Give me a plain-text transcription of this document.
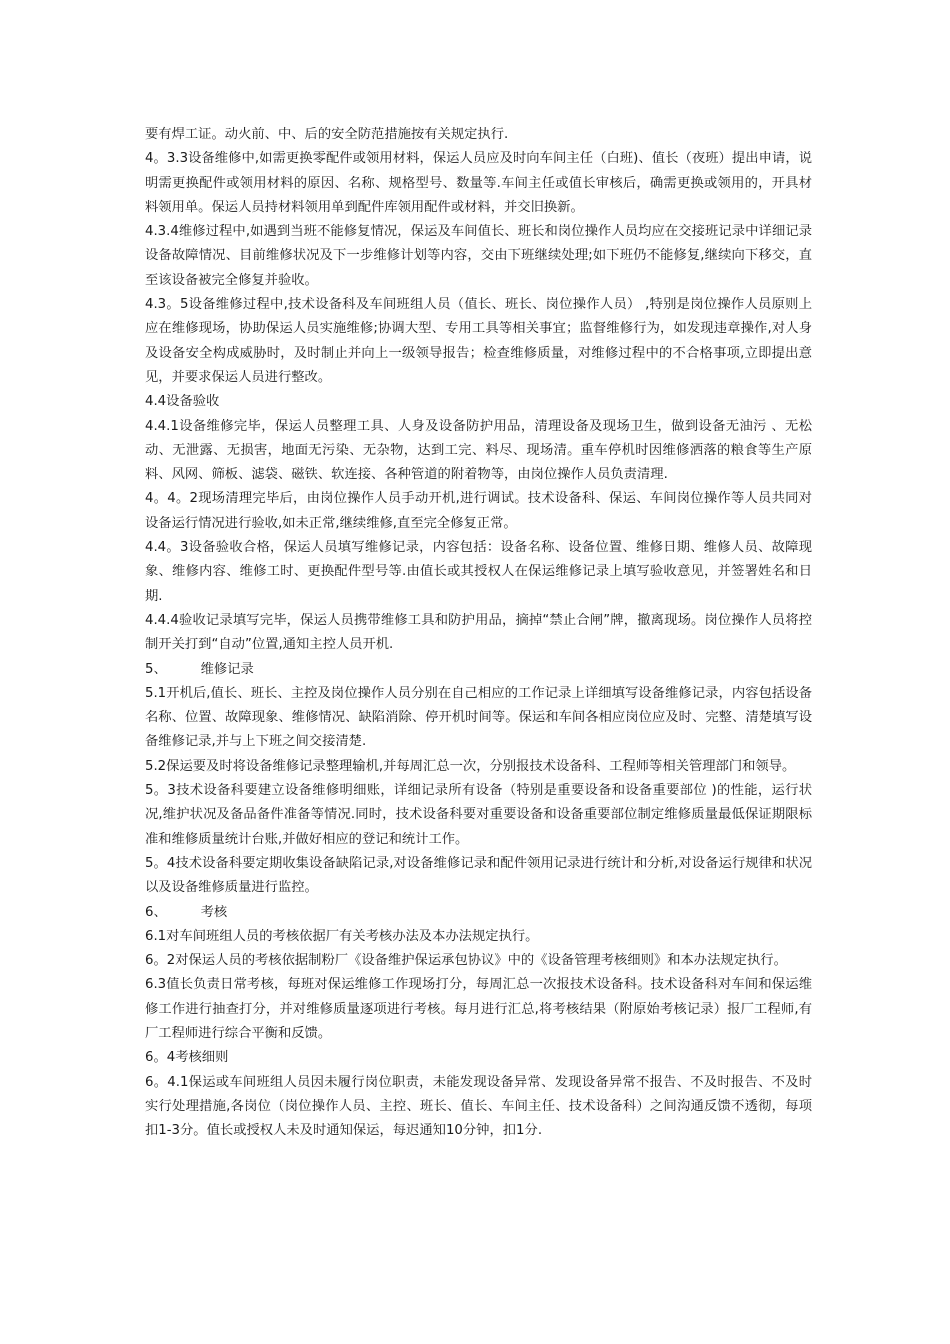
要有焊工证。动火前、中、后的安全防范措施按有关规定执行.

4。3.3设备维修中,如需更换零配件或领用材料，保运人员应及时向车间主任（白班)、值长（夜班）提出申请，说明需更换配件或领用材料的原因、名称、规格型号、数量等.车间主任或值长审核后，确需更换或领用的，开具材料领用单。保运人员持材料领用单到配件库领用配件或材料，并交旧换新。

4.3.4维修过程中,如遇到当班不能修复情况，保运及车间值长、班长和岗位操作人员均应在交接班记录中详细记录设备故障情况、目前维修状况及下一步维修计划等内容，交由下班继续处理;如下班仍不能修复,继续向下移交，直至该设备被完全修复并验收。

4.3。5设备维修过程中,技术设备科及车间班组人员（值长、班长、岗位操作人员） ,特别是岗位操作人员原则上应在维修现场，协助保运人员实施维修;协调大型、专用工具等相关事宜；监督维修行为，如发现违章操作,对人身及设备安全构成威胁时，及时制止并向上一级领导报告；检查维修质量，对维修过程中的不合格事项,立即提出意见，并要求保运人员进行整改。

4.4设备验收

4.4.1设备维修完毕，保运人员整理工具、人身及设备防护用品，清理设备及现场卫生，做到设备无油污 、无松动、无泄露、无损害，地面无污染、无杂物，达到工完、料尽、现场清。重车停机时因维修洒落的粮食等生产原料、风网、筛板、滤袋、磁铁、软连接、各种管道的附着物等，由岗位操作人员负责清理.

4。4。2现场清理完毕后，由岗位操作人员手动开机,进行调试。技术设备科、保运、车间岗位操作等人员共同对设备运行情况进行验收,如未正常,继续维修,直至完全修复正常。

4.4。3设备验收合格，保运人员填写维修记录，内容包括：设备名称、设备位置、维修日期、维修人员、故障现象、维修内容、维修工时、更换配件型号等.由值长或其授权人在保运维修记录上填写验收意见，并签署姓名和日期.

4.4.4验收记录填写完毕，保运人员携带维修工具和防护用品，摘掉“禁止合闸”牌，撤离现场。岗位操作人员将控制开关打到“自动”位置,通知主控人员开机.

5、        维修记录

5.1开机后,值长、班长、主控及岗位操作人员分别在自己相应的工作记录上详细填写设备维修记录，内容包括设备名称、位置、故障现象、维修情况、缺陷消除、停开机时间等。保运和车间各相应岗位应及时、完整、清楚填写设备维修记录,并与上下班之间交接清楚.

5.2保运要及时将设备维修记录整理输机,并每周汇总一次，分别报技术设备科、工程师等相关管理部门和领导。

5。3技术设备科要建立设备维修明细账，详细记录所有设备（特别是重要设备和设备重要部位 )的性能，运行状况,维护状况及备品备件准备等情况.同时，技术设备科要对重要设备和设备重要部位制定维修质量最低保证期限标准和维修质量统计台账,并做好相应的登记和统计工作。

5。4技术设备科要定期收集设备缺陷记录,对设备维修记录和配件领用记录进行统计和分析,对设备运行规律和状况以及设备维修质量进行监控。

6、        考核

6.1对车间班组人员的考核依据厂有关考核办法及本办法规定执行。

6。2对保运人员的考核依据制粉厂《设备维护保运承包协议》中的《设备管理考核细则》和本办法规定执行。

6.3值长负责日常考核，每班对保运维修工作现场打分，每周汇总一次报技术设备科。技术设备科对车间和保运维修工作进行抽查打分，并对维修质量逐项进行考核。每月进行汇总,将考核结果（附原始考核记录）报厂工程师,有厂工程师进行综合平衡和反馈。

6。4考核细则

6。4.1保运或车间班组人员因未履行岗位职责，未能发现设备异常、发现设备异常不报告、不及时报告、不及时实行处理措施,各岗位（岗位操作人员、主控、班长、值长、车间主任、技术设备科）之间沟通反馈不透彻，每项扣1-3分。值长或授权人未及时通知保运，每迟通知10分钟，扣1分.
